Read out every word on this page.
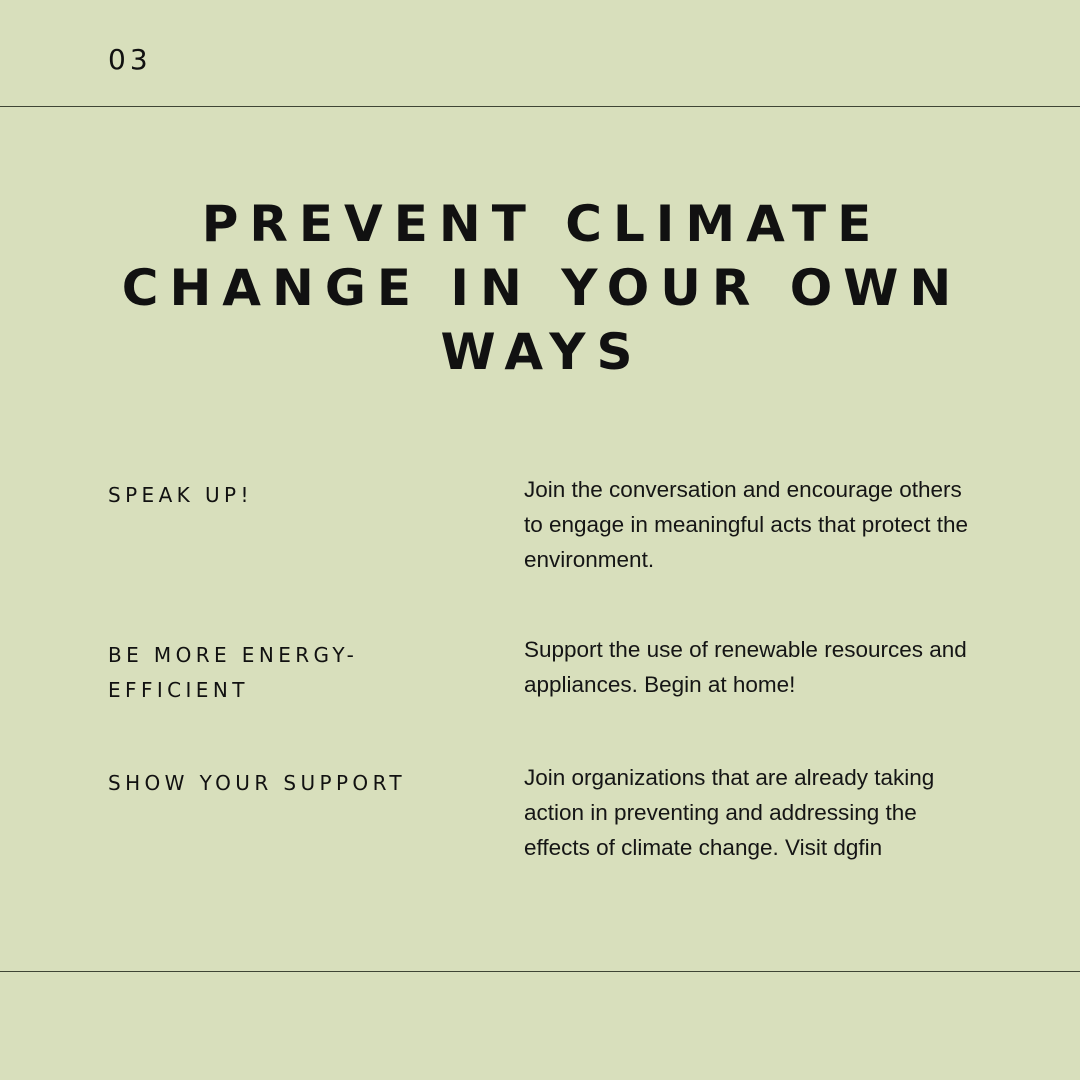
03
PREVENT CLIMATE CHANGE IN YOUR OWN WAYS
SPEAK UP!	Join the conversation and encourage others to engage in meaningful acts that protect the environment.
BE MORE ENERGY-EFFICIENT
Support the use of renewable resources and appliances. Begin at home!
SHOW YOUR SUPPORT	Join organizations that are already taking action in preventing and addressing the effects of climate change. Visit dgfin
